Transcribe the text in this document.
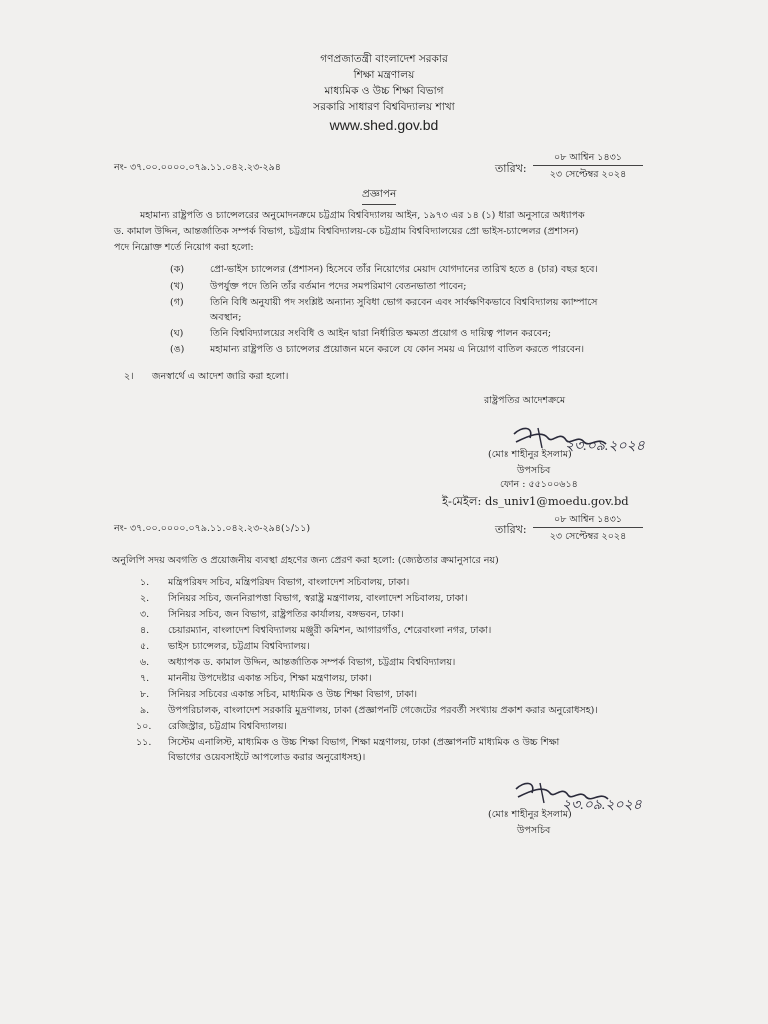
গণপ্রজাতন্ত্রী বাংলাদেশ সরকার
শিক্ষা মন্ত্রণালয়
মাধ্যমিক ও উচ্চ শিক্ষা বিভাগ
সরকারি সাধারণ বিশ্ববিদ্যালয় শাখা
www.shed.gov.bd
নং- ৩৭.০০.০০০০.০৭৯.১১.০৪২.২৩-২৯৪	তারিখ:
০৮ আশ্বিন ১৪৩১
২৩ সেপ্টেম্বর ২০২৪
প্রজ্ঞাপন
মহামান্য রাষ্ট্রপতি ও চ্যান্সেলরের অনুমোদনক্রমে চট্টগ্রাম বিশ্ববিদ্যালয় আইন, ১৯৭৩ এর ১৪ (১) ধারা অনুসারে অধ্যাপক
ড. কামাল উদ্দিন, আন্তর্জাতিক সম্পর্ক বিভাগ, চট্টগ্রাম বিশ্ববিদ্যালয়-কে চট্টগ্রাম বিশ্ববিদ্যালয়ের প্রো ভাইস-চ্যান্সেলর (প্রশাসন)
পদে নিম্নোক্ত শর্তে নিয়োগ করা হলো:
(ক)	প্রো-ভাইস চ্যান্সেলর (প্রশাসন) হিসেবে তাঁর নিয়োগের মেয়াদ যোগদানের তারিখ হতে ৪ (চার) বছর হবে।
(খ)	উপর্যুক্ত পদে তিনি তাঁর বর্তমান পদের সমপরিমাণ বেতনভাতা পাবেন;
(গ)	তিনি বিধি অনুযায়ী পদ সংশ্লিষ্ট অন্যান্য সুবিধা ভোগ করবেন এবং সার্বক্ষণিকভাবে বিশ্ববিদ্যালয় ক্যাম্পাসে
অবস্থান;
(ঘ)	তিনি বিশ্ববিদ্যালয়ের সংবিধি ও আইন দ্বারা নির্ধারিত ক্ষমতা প্রয়োগ ও দায়িত্ব পালন করবেন;
(ঙ)	মহামান্য রাষ্ট্রপতি ও চ্যান্সেলর প্রয়োজন মনে করলে যে কোন সময় এ নিয়োগ বাতিল করতে পারবেন।
২। জনস্বার্থে এ আদেশ জারি করা হলো।
রাষ্ট্রপতির আদেশক্রমে
২৩.০৯.২০২৪
(মোঃ শাহীনুর ইসলাম)
উপসচিব
ফোন : ৫৫১০০৬১৪
ই-মেইল: ds_univ1@moedu.gov.bd
নং- ৩৭.০০.০০০০.০৭৯.১১.০৪২.২৩-২৯৪(১/১১)	তারিখ:
০৮ আশ্বিন ১৪৩১
২৩ সেপ্টেম্বর ২০২৪
অনুলিপি সদয় অবগতি ও প্রয়োজনীয় ব্যবস্থা গ্রহণের জন্য প্রেরণ করা হলো: (জ্যেষ্ঠতার ক্রমানুসারে নয়)
১. মন্ত্রিপরিষদ সচিব, মন্ত্রিপরিষদ বিভাগ, বাংলাদেশ সচিবালয়, ঢাকা।
২. সিনিয়র সচিব, জননিরাপত্তা বিভাগ, স্বরাষ্ট্র মন্ত্রণালয়, বাংলাদেশ সচিবালয়, ঢাকা।
৩. সিনিয়র সচিব, জন বিভাগ, রাষ্ট্রপতির কার্যালয়, বঙ্গভবন, ঢাকা।
৪. চেয়ারম্যান, বাংলাদেশ বিশ্ববিদ্যালয় মঞ্জুরী কমিশন, আগারগাঁও, শেরেবাংলা নগর, ঢাকা।
৫. ভাইস চ্যান্সেলর, চট্টগ্রাম বিশ্ববিদ্যালয়।
৬. অধ্যাপক ড. কামাল উদ্দিন, আন্তর্জাতিক সম্পর্ক বিভাগ, চট্টগ্রাম বিশ্ববিদ্যালয়।
৭. মাননীয় উপদেষ্টার একান্ত সচিব, শিক্ষা মন্ত্রণালয়, ঢাকা।
৮. সিনিয়র সচিবের একান্ত সচিব, মাধ্যমিক ও উচ্চ শিক্ষা বিভাগ, ঢাকা।
৯. উপপরিচালক, বাংলাদেশ সরকারি মুদ্রণালয়, ঢাকা (প্রজ্ঞাপনটি গেজেটের পরবর্তী সংখ্যায় প্রকাশ করার অনুরোধসহ)।
১০. রেজিস্ট্রার, চট্টগ্রাম বিশ্ববিদ্যালয়।
১১. সিস্টেম এনালিস্ট, মাধ্যমিক ও উচ্চ শিক্ষা বিভাগ, শিক্ষা মন্ত্রণালয়, ঢাকা (প্রজ্ঞাপনটি মাধ্যমিক ও উচ্চ শিক্ষা
বিভাগের ওয়েবসাইটে আপলোড করার অনুরোধসহ)।
২৩.০৯.২০২৪
(মোঃ শাহীনুর ইসলাম)
উপসচিব
